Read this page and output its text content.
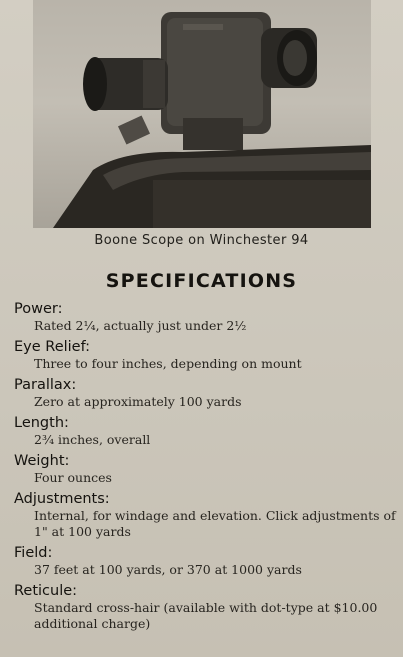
Boone Scope on Winchester 94
SPECIFICATIONS
Power:
Rated 2¼, actually just under 2½
Eye Relief:
Three to four inches, depending on mount
Parallax:
Zero at approximately 100 yards
Length:
2¾ inches, overall
Weight:
Four ounces
Adjustments:
Internal, for windage and elevation. Click adjustments of 1" at 100 yards
Field:
37 feet at 100 yards, or 370 at 1000 yards
Reticule:
Standard cross-hair (available with dot-type at $10.00 additional charge)
